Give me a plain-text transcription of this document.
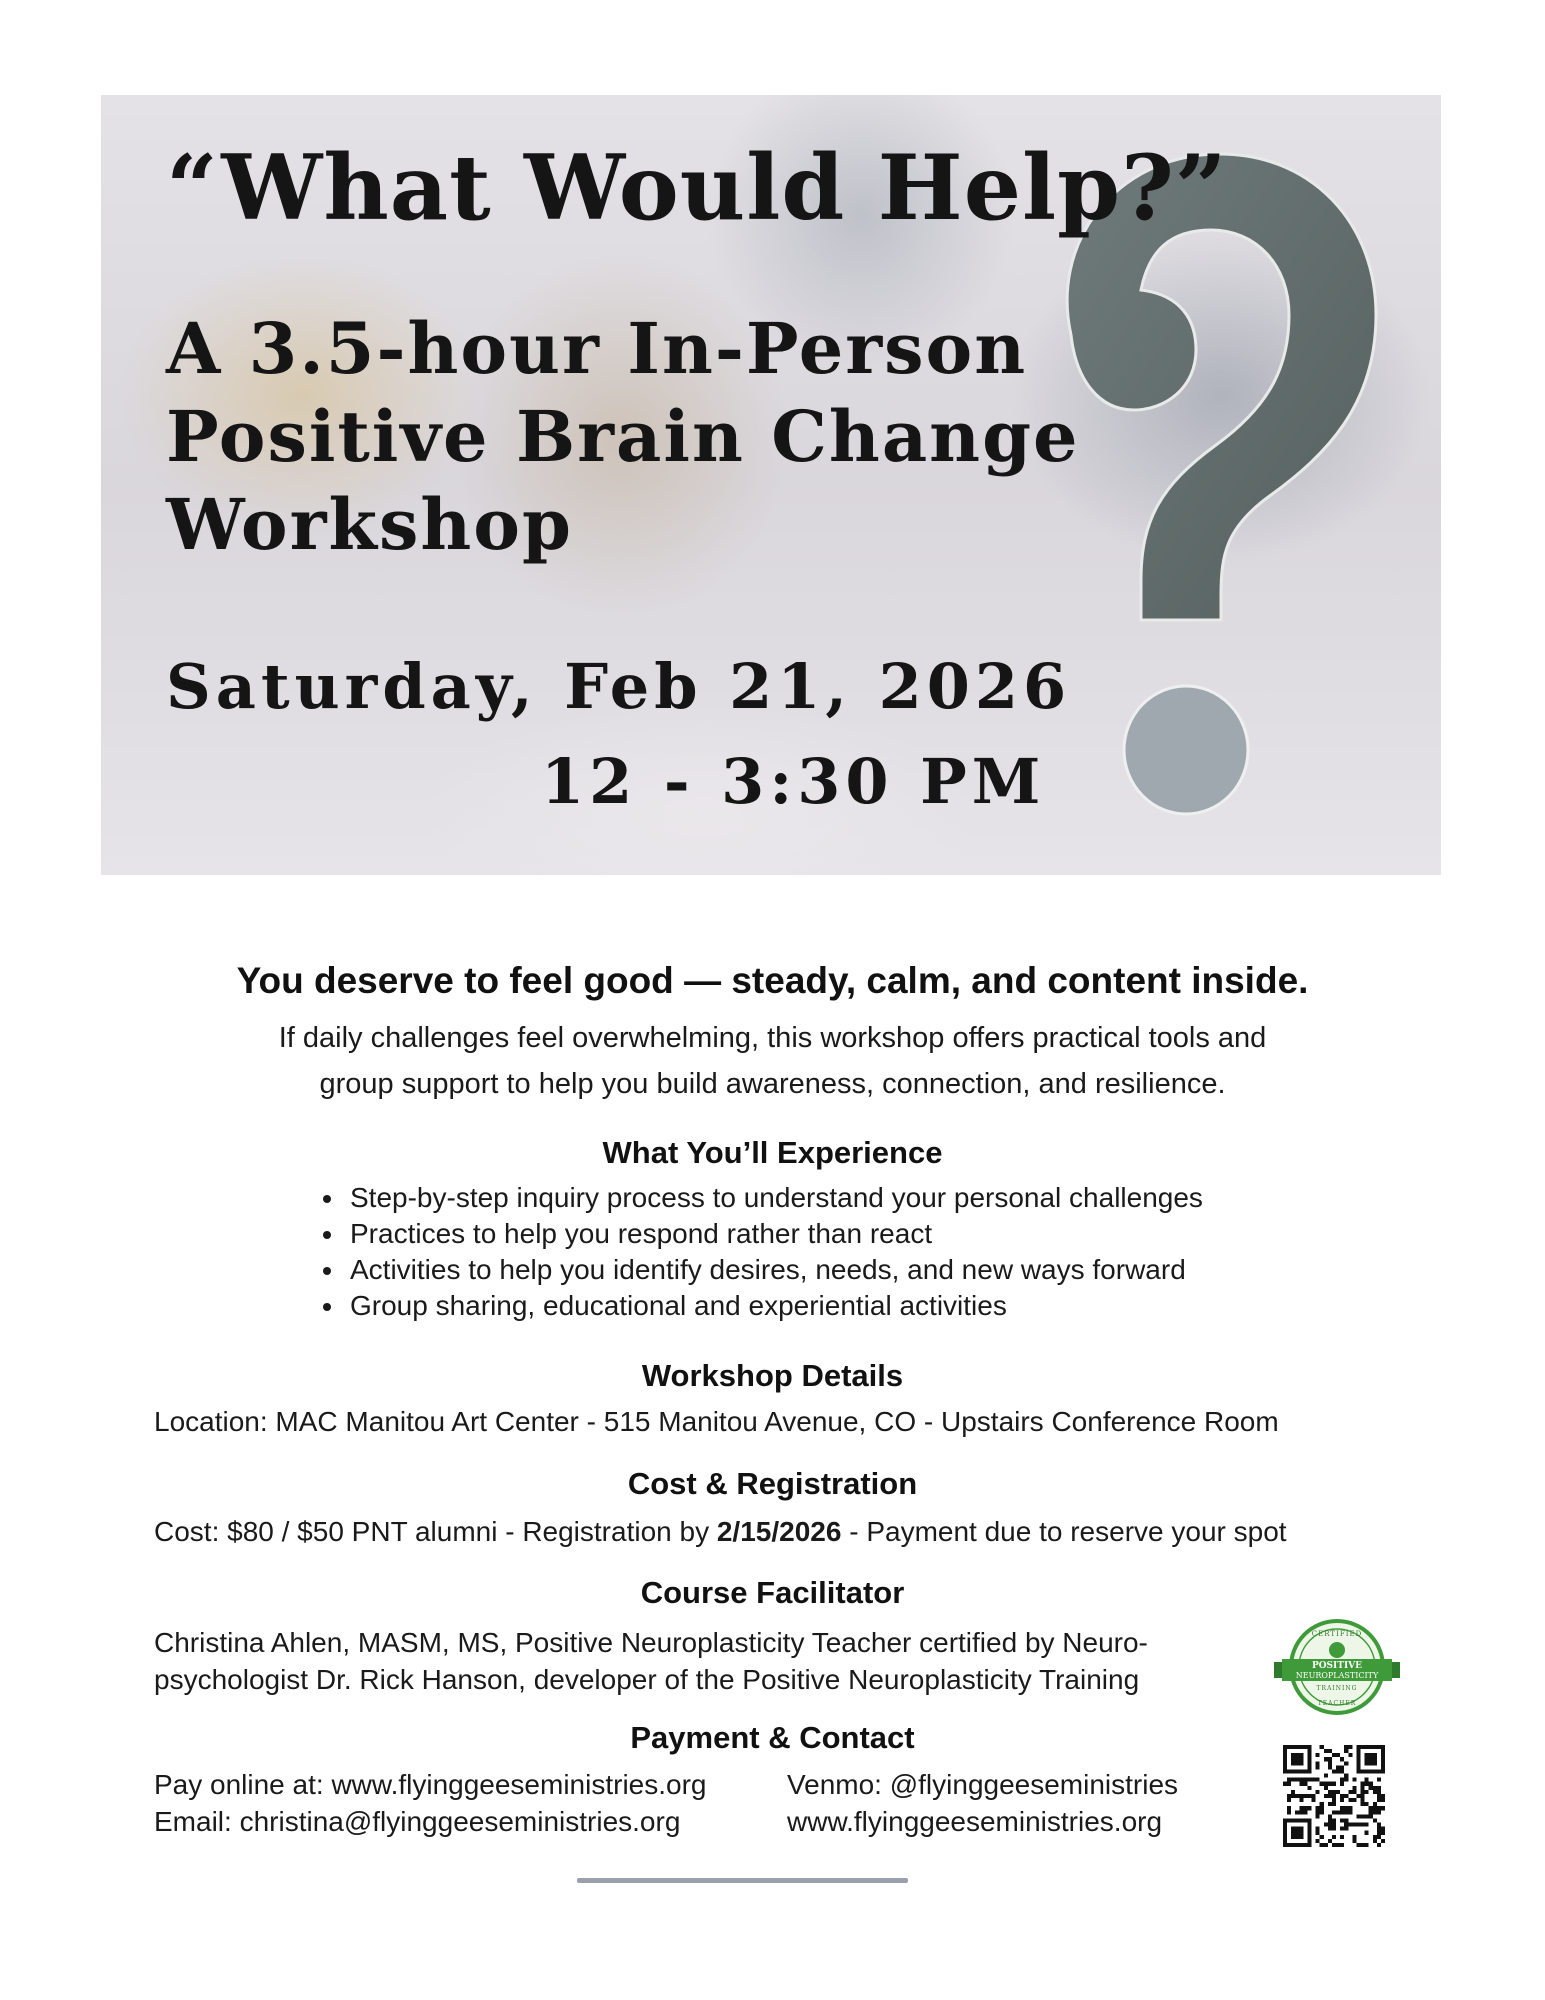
“What Would Help?”
A 3.5-hour In-Person
Positive Brain Change
Workshop
Saturday, Feb 21, 2026
12 - 3:30 PM
You deserve to feel good — steady, calm, and content inside.
If daily challenges feel overwhelming, this workshop offers practical tools and
group support to help you build awareness, connection, and resilience.
What You’ll Experience
• Step-by-step inquiry process to understand your personal challenges
• Practices to help you respond rather than react
• Activities to help you identify desires, needs, and new ways forward
• Group sharing, educational and experiential activities
Workshop Details
Location: MAC Manitou Art Center - 515 Manitou Avenue, CO - Upstairs Conference Room
Cost & Registration
Cost: $80 / $50 PNT alumni - Registration by 2/15/2026 - Payment due to reserve your spot
Course Facilitator
Christina Ahlen, MASM, MS, Positive Neuroplasticity Teacher certified by Neuro-
psychologist Dr. Rick Hanson, developer of the Positive Neuroplasticity Training
CERTIFIED
POSITIVE
NEUROPLASTICITY
TRAINING
TEACHER
Payment & Contact
Pay online at: www.flyinggeeseministries.org
Email: christina@flyinggeeseministries.org
Venmo: @flyinggeeseministries
www.flyinggeeseministries.org
